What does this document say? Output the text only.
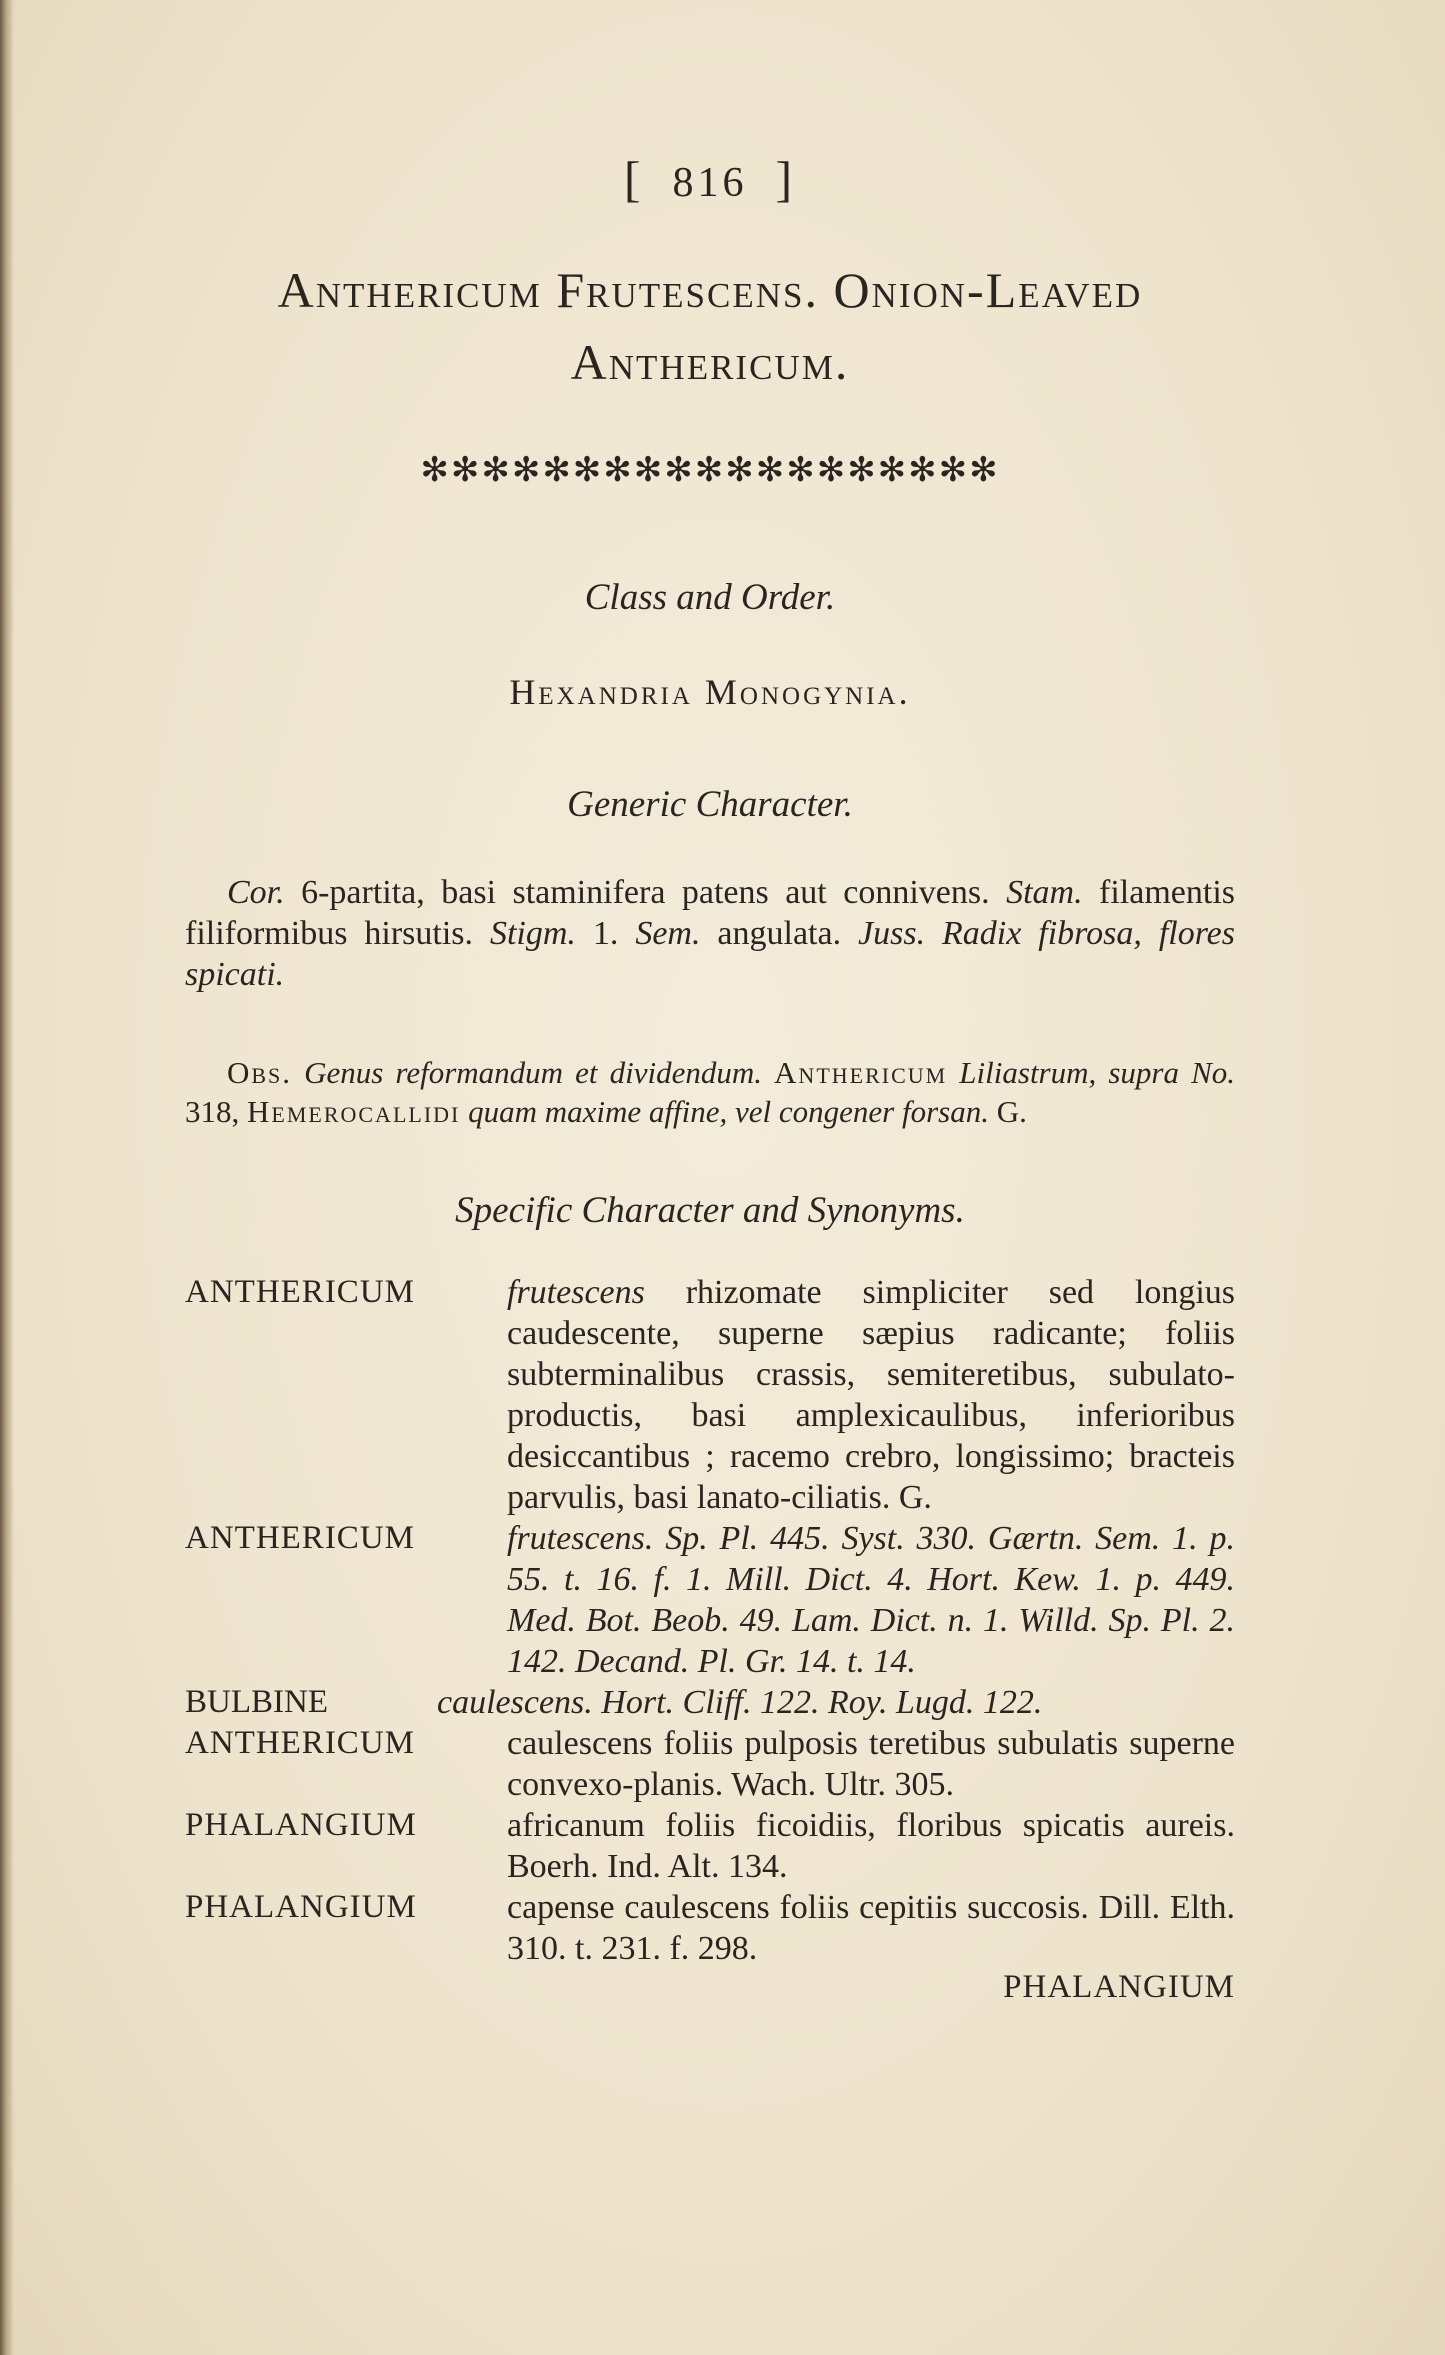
[ 816 ]
Anthericum Frutescens. Onion-Leaved
Anthericum.
✻✻✻✻✻✻✻✻✻✻✻✻✻✻✻✻✻✻✻
Class and Order.
Hexandria Monogynia.
Generic Character.
Cor. 6-partita, basi staminifera patens aut connivens. Stam. filamentis filiformibus hirsutis. Stigm. 1. Sem. angulata. Juss. Radix fibrosa, flores spicati.
Obs. Genus reformandum et dividendum. Anthericum Liliastrum, supra No. 318, Hemerocallidi quam maxime affine, vel congener forsan. G.
Specific Character and Synonyms.
ANTHERICUM	frutescens rhizomate simpliciter sed longius caudescente, superne sæpius radicante; foliis subterminalibus crassis, semiteretibus, subulato-productis, basi amplexicaulibus, inferioribus desiccantibus ; racemo crebro, longissimo; bracteis parvulis, basi lanato-ciliatis. G.
ANTHERICUM	frutescens. Sp. Pl. 445. Syst. 330. Gærtn. Sem. 1. p. 55. t. 16. f. 1. Mill. Dict. 4. Hort. Kew. 1. p. 449. Med. Bot. Beob. 49. Lam. Dict. n. 1. Willd. Sp. Pl. 2. 142. Decand. Pl. Gr. 14. t. 14.
BULBINE	caulescens. Hort. Cliff. 122. Roy. Lugd. 122.
ANTHERICUM	caulescens foliis pulposis teretibus subulatis superne convexo-planis. Wach. Ultr. 305.
PHALANGIUM	africanum foliis ficoidiis, floribus spicatis aureis. Boerh. Ind. Alt. 134.
PHALANGIUM	capense caulescens foliis cepitiis succosis. Dill. Elth. 310. t. 231. f. 298.
PHALANGIUM
